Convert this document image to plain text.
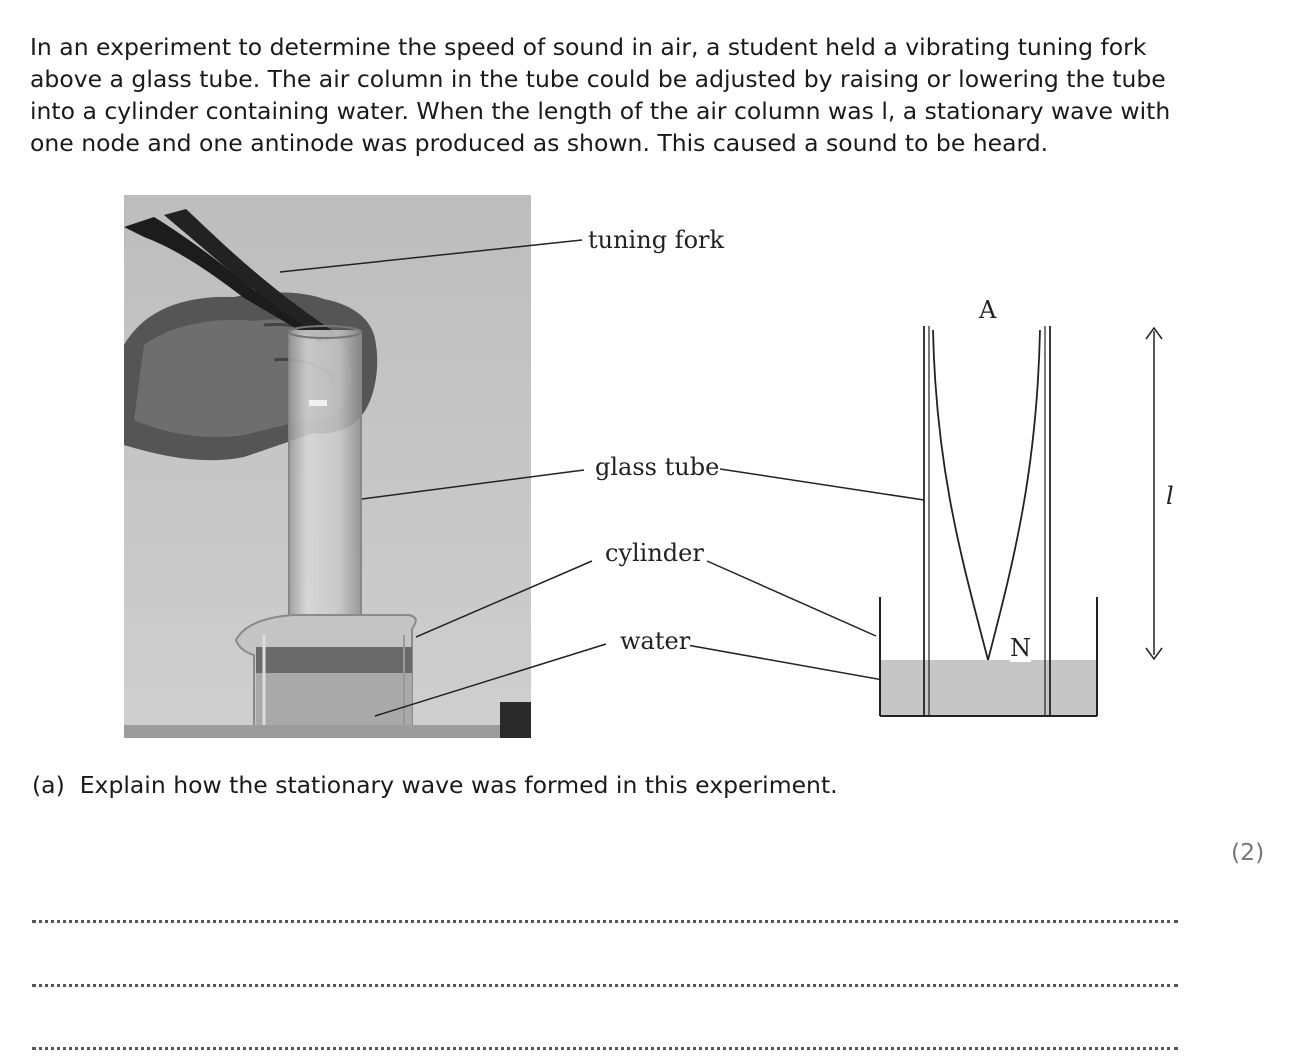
In an experiment to determine the speed of sound in air, a student held a vibrating tuning fork
above a glass tube. The air column in the tube could be adjusted by raising or lowering the tube
into a cylinder containing water. When the length of the air column was l, a stationary wave with
one node and one antinode was produced as shown. This caused a sound to be heard.
tuning fork
glass tube
cylinder
water
A
N
l
(a) Explain how the stationary wave was formed in this experiment.
(2)
